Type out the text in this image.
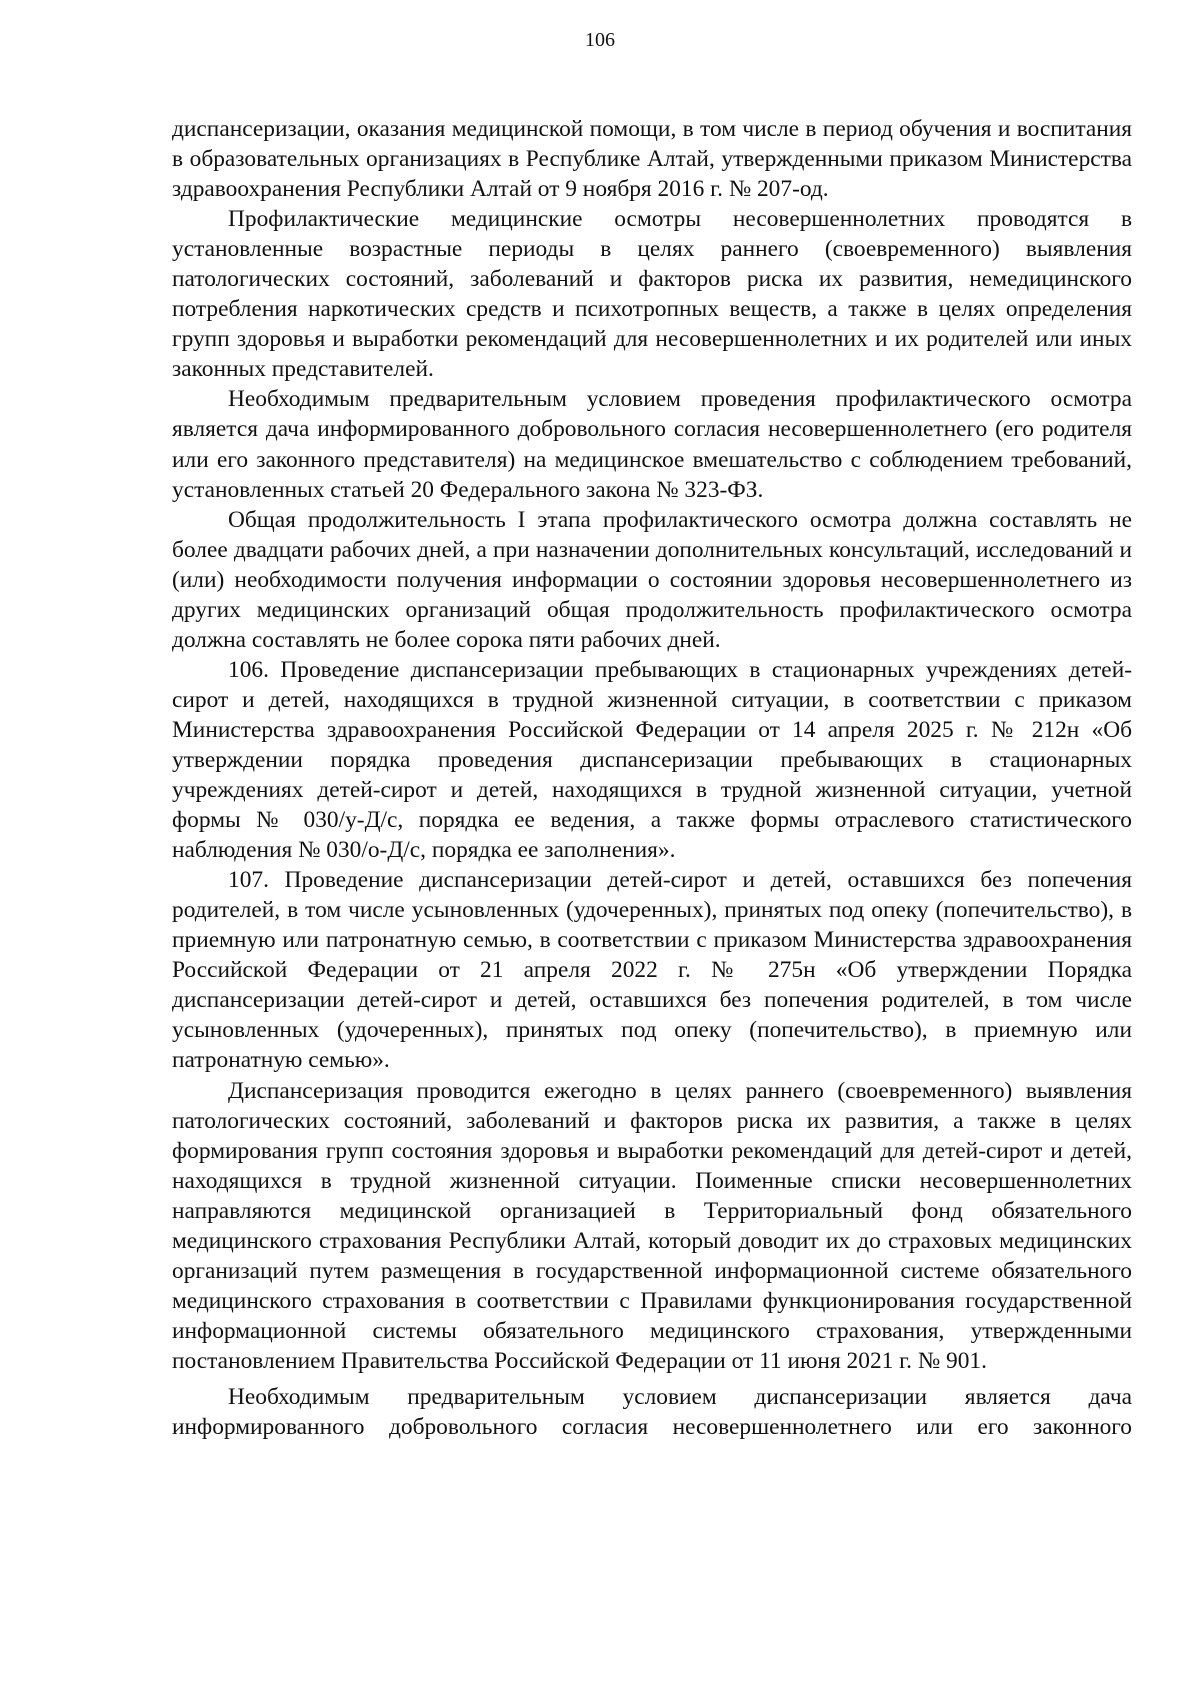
106

диспансеризации, оказания медицинской помощи, в том числе в период обучения и воспитания в образовательных организациях в Республике Алтай, утвержденными приказом Министерства здравоохранения Республики Алтай от 9 ноября 2016 г. № 207-од.

Профилактические медицинские осмотры несовершеннолетних проводятся в установленные возрастные периоды в целях раннего (своевременного) выявления патологических состояний, заболеваний и факторов риска их развития, немедицинского потребления наркотических средств и психотропных веществ, а также в целях определения групп здоровья и выработки рекомендаций для несовершеннолетних и их родителей или иных законных представителей.

Необходимым предварительным условием проведения профилактического осмотра является дача информированного добровольного согласия несовершеннолетнего (его родителя или его законного представителя) на медицинское вмешательство с соблюдением требований, установленных статьей 20 Федерального закона № 323-ФЗ.

Общая продолжительность I этапа профилактического осмотра должна составлять не более двадцати рабочих дней, а при назначении дополнительных консультаций, исследований и (или) необходимости получения информации о состоянии здоровья несовершеннолетнего из других медицинских организаций общая продолжительность профилактического осмотра должна составлять не более сорока пяти рабочих дней.

106. Проведение диспансеризации пребывающих в стационарных учреждениях детей-сирот и детей, находящихся в трудной жизненной ситуации, в соответствии с приказом Министерства здравоохранения Российской Федерации от 14 апреля 2025 г. № 212н «Об утверждении порядка проведения диспансеризации пребывающих в стационарных учреждениях детей-сирот и детей, находящихся в трудной жизненной ситуации, учетной формы № 030/у-Д/с, порядка ее ведения, а также формы отраслевого статистического наблюдения № 030/о-Д/с, порядка ее заполнения».

107. Проведение диспансеризации детей-сирот и детей, оставшихся без попечения родителей, в том числе усыновленных (удочеренных), принятых под опеку (попечительство), в приемную или патронатную семью, в соответствии с приказом Министерства здравоохранения Российской Федерации от 21 апреля 2022 г. № 275н «Об утверждении Порядка диспансеризации детей-сирот и детей, оставшихся без попечения родителей, в том числе усыновленных (удочеренных), принятых под опеку (попечительство), в приемную или патронатную семью».

Диспансеризация проводится ежегодно в целях раннего (своевременного) выявления патологических состояний, заболеваний и факторов риска их развития, а также в целях формирования групп состояния здоровья и выработки рекомендаций для детей-сирот и детей, находящихся в трудной жизненной ситуации. Поименные списки несовершеннолетних направляются медицинской организацией в Территориальный фонд обязательного медицинского страхования Республики Алтай, который доводит их до страховых медицинских организаций путем размещения в государственной информационной системе обязательного медицинского страхования в соответствии с Правилами функционирования государственной информационной системы обязательного медицинского страхования, утвержденными постановлением Правительства Российской Федерации от 11 июня 2021 г. № 901.

Необходимым предварительным условием диспансеризации является дача информированного добровольного согласия несовершеннолетнего или его законного
